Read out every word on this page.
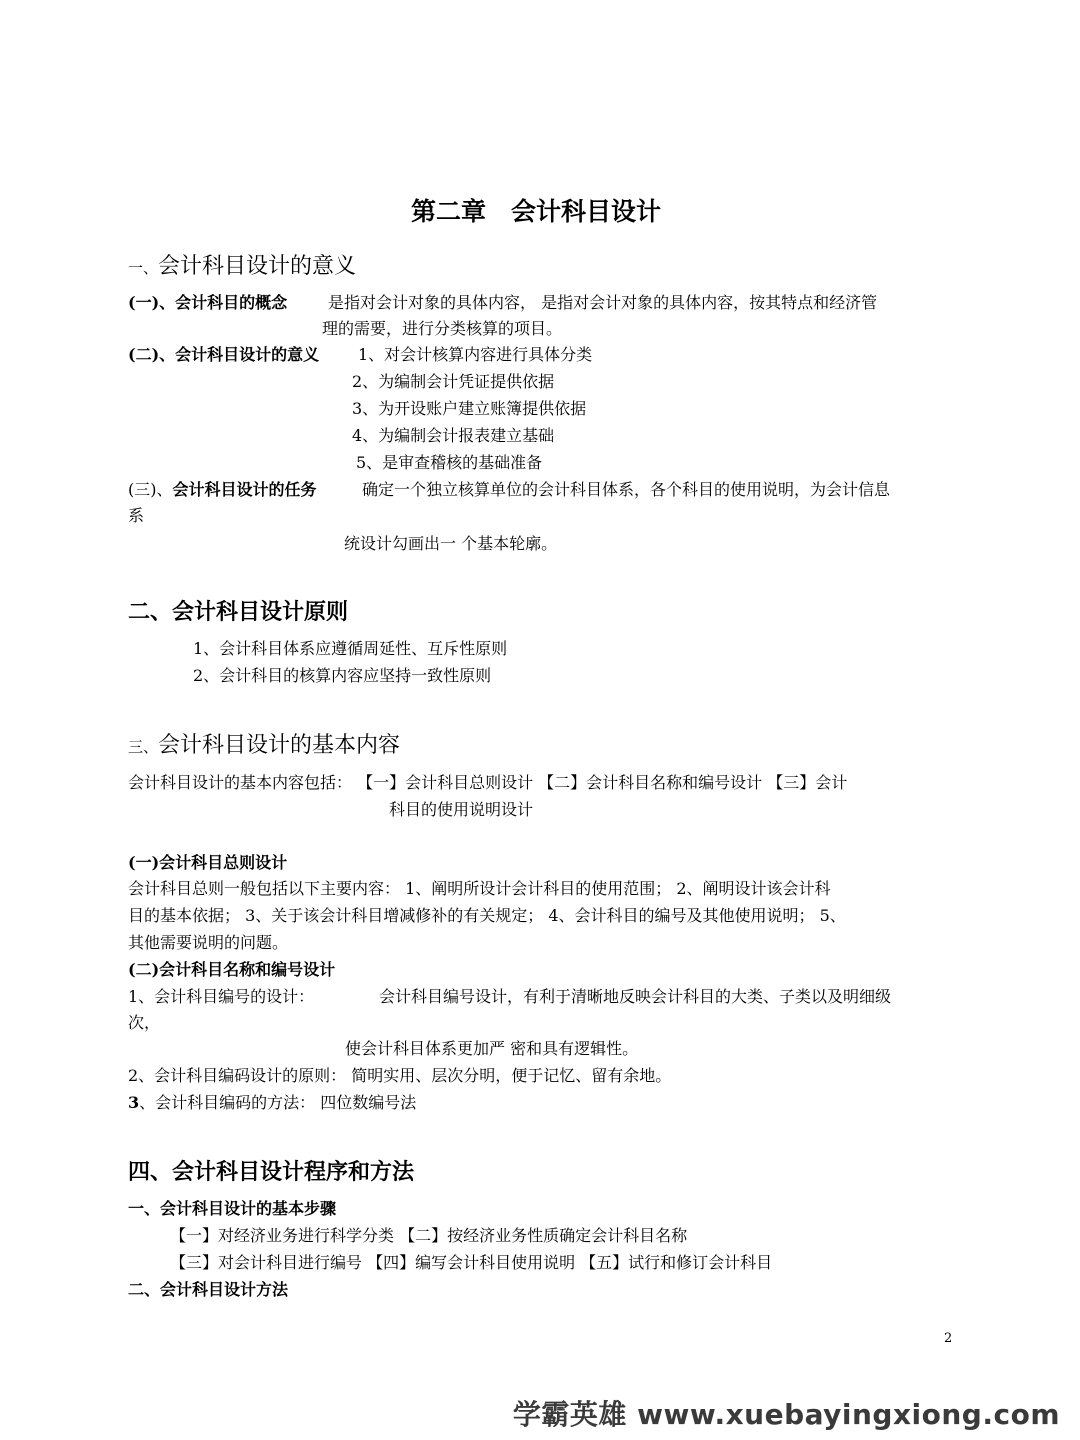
第二章　会计科目设计
一、会计科目设计的意义
(一)、会计科目的概念	是指对会计对象的具体内容， 是指对会计对象的具体内容，按其特点和经济管
理的需要，进行分类核算的项目。
(二)、会计科目设计的意义 1、对会计核算内容进行具体分类
2、为编制会计凭证提供依据
3、为开设账户建立账簿提供依据
4、为编制会计报表建立基础
5、是审查稽核的基础准备
(三)、会计科目设计的任务	确定一个独立核算单位的会计科目体系，各个科目的使用说明，为会计信息
系
统设计勾画出一 个基本轮廓。
二、会计科目设计原则
1、会计科目体系应遵循周延性、互斥性原则
2、会计科目的核算内容应坚持一致性原则
三、会计科目设计的基本内容
会计科目设计的基本内容包括： 【一】会计科目总则设计 【二】会计科目名称和编号设计 【三】会计
科目的使用说明设计
(一)会计科目总则设计
会计科目总则一般包括以下主要内容： 1、阐明所设计会计科目的使用范围； 2、阐明设计该会计科
目的基本依据； 3、关于该会计科目增减修补的有关规定； 4、会计科目的编号及其他使用说明； 5、
其他需要说明的问题。
(二)会计科目名称和编号设计
1、会计科目编号的设计：	会计科目编号设计，有利于清晰地反映会计科目的大类、子类以及明细级
次，
使会计科目体系更加严 密和具有逻辑性。
2、会计科目编码设计的原则： 简明实用、层次分明，便于记忆、留有余地。
3、会计科目编码的方法： 四位数编号法
四、会计科目设计程序和方法
一、会计科目设计的基本步骤
【一】对经济业务进行科学分类 【二】按经济业务性质确定会计科目名称
【三】对会计科目进行编号 【四】编写会计科目使用说明 【五】试行和修订会计科目
二、会计科目设计方法
2
学霸英雄 www.xuebayingxiong.com
